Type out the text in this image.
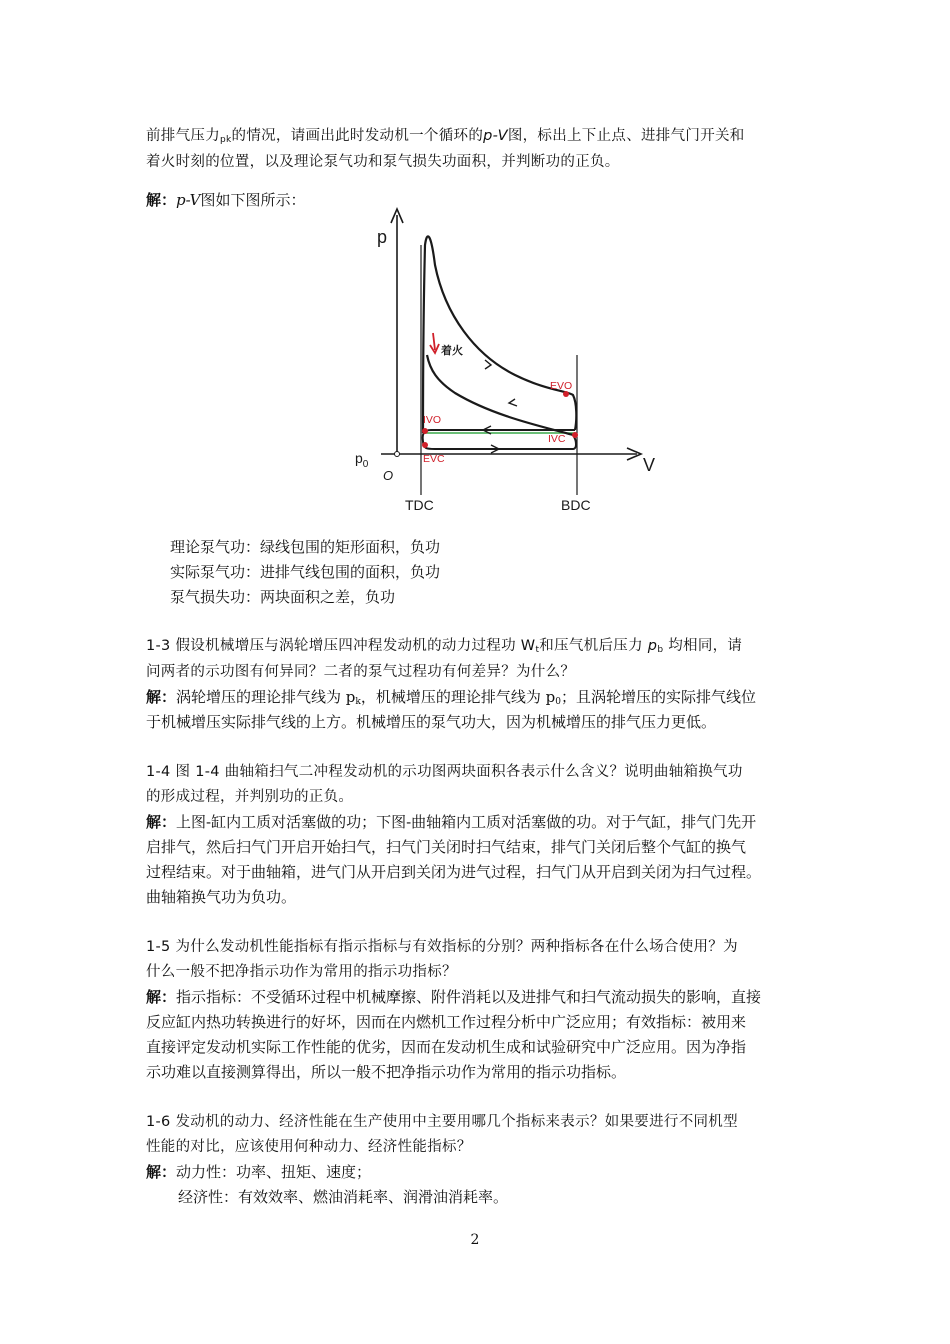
前排气压力$_{pk}$的情况，请画出此时发动机一个循环的p-V图，标出上下止点、进排气门开关和
着火时刻的位置，以及理论泵气功和泵气损失功面积，并判断功的正负。
解：p-V图如下图所示：
p
V
O
$p_0$
TDC	BDC
着火
EVO
IVO
IVC
EVC
理论泵气功：绿线包围的矩形面积，负功
实际泵气功：进排气线包围的面积，负功
泵气损失功：两块面积之差，负功
1-3 假设机械增压与涡轮增压四冲程发动机的动力过程功 $W_t$和压气机后压力 $p_b$ 均相同，请
问两者的示功图有何异同？二者的泵气过程功有何差异？为什么？
解：涡轮增压的理论排气线为 $p_k$，机械增压的理论排气线为 $p_0$；且涡轮增压的实际排气线位
于机械增压实际排气线的上方。机械增压的泵气功大，因为机械增压的排气压力更低。
1-4 图 1-4 曲轴箱扫气二冲程发动机的示功图两块面积各表示什么含义？说明曲轴箱换气功
的形成过程，并判别功的正负。
解：上图-缸内工质对活塞做的功；下图-曲轴箱内工质对活塞做的功。对于气缸，排气门先开
启排气，然后扫气门开启开始扫气，扫气门关闭时扫气结束，排气门关闭后整个气缸的换气
过程结束。对于曲轴箱，进气门从开启到关闭为进气过程，扫气门从开启到关闭为扫气过程。
曲轴箱换气功为负功。
1-5 为什么发动机性能指标有指示指标与有效指标的分别？两种指标各在什么场合使用？为
什么一般不把净指示功作为常用的指示功指标？
解：指示指标：不受循环过程中机械摩擦、附件消耗以及进排气和扫气流动损失的影响，直接
反应缸内热功转换进行的好坏，因而在内燃机工作过程分析中广泛应用；有效指标：被用来
直接评定发动机实际工作性能的优劣，因而在发动机生成和试验研究中广泛应用。因为净指
示功难以直接测算得出，所以一般不把净指示功作为常用的指示功指标。
1-6 发动机的动力、经济性能在生产使用中主要用哪几个指标来表示？如果要进行不同机型
性能的对比，应该使用何种动力、经济性能指标？
解：动力性：功率、扭矩、速度；
经济性：有效效率、燃油消耗率、润滑油消耗率。
2
